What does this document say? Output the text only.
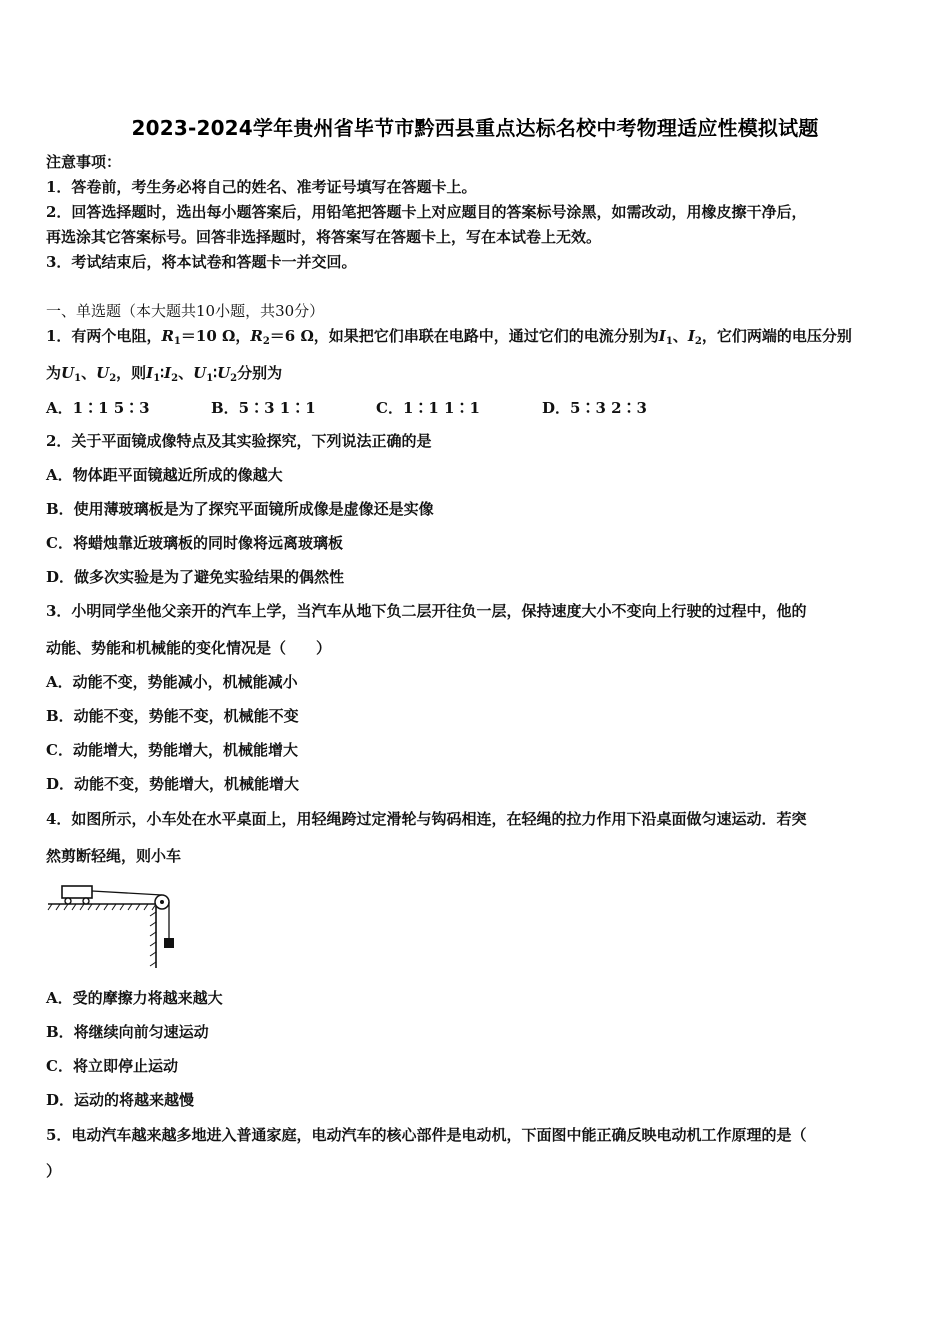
2023-2024学年贵州省毕节市黔西县重点达标名校中考物理适应性模拟试题
注意事项：
1．答卷前，考生务必将自己的姓名、准考证号填写在答题卡上。
2．回答选择题时，选出每小题答案后，用铅笔把答题卡上对应题目的答案标号涂黑，如需改动，用橡皮擦干净后，
再选涂其它答案标号。回答非选择题时，将答案写在答题卡上，写在本试卷上无效。
3．考试结束后，将本试卷和答题卡一并交回。
一、单选题（本大题共10小题，共30分）
1．有两个电阻，$R_1=10$ Ω，$R_2=6$ Ω，如果把它们串联在电路中，通过它们的电流分别为$I_1$、$I_2$，它们两端的电压分别
为$U_1$、$U_2$，则$I_1∶I_2$、$U_1∶U_2$分别为
A．1∶1 5∶3	B．5∶3 1∶1	C．1∶1 1∶1	D．5∶3 2∶3
2．关于平面镜成像特点及其实验探究，下列说法正确的是
A．物体距平面镜越近所成的像越大
B．使用薄玻璃板是为了探究平面镜所成像是虚像还是实像
C．将蜡烛靠近玻璃板的同时像将远离玻璃板
D．做多次实验是为了避免实验结果的偶然性
3．小明同学坐他父亲开的汽车上学，当汽车从地下负二层开往负一层，保持速度大小不变向上行驶的过程中，他的
动能、势能和机械能的变化情况是（　　）
A．动能不变，势能减小，机械能减小
B．动能不变，势能不变，机械能不变
C．动能增大，势能增大，机械能增大
D．动能不变，势能增大，机械能增大
4．如图所示，小车处在水平桌面上，用轻绳跨过定滑轮与钩码相连，在轻绳的拉力作用下沿桌面做匀速运动．若突
然剪断轻绳，则小车
A．受的摩擦力将越来越大
B．将继续向前匀速运动
C．将立即停止运动
D．运动的将越来越慢
5．电动汽车越来越多地进入普通家庭，电动汽车的核心部件是电动机，下面图中能正确反映电动机工作原理的是（
）
